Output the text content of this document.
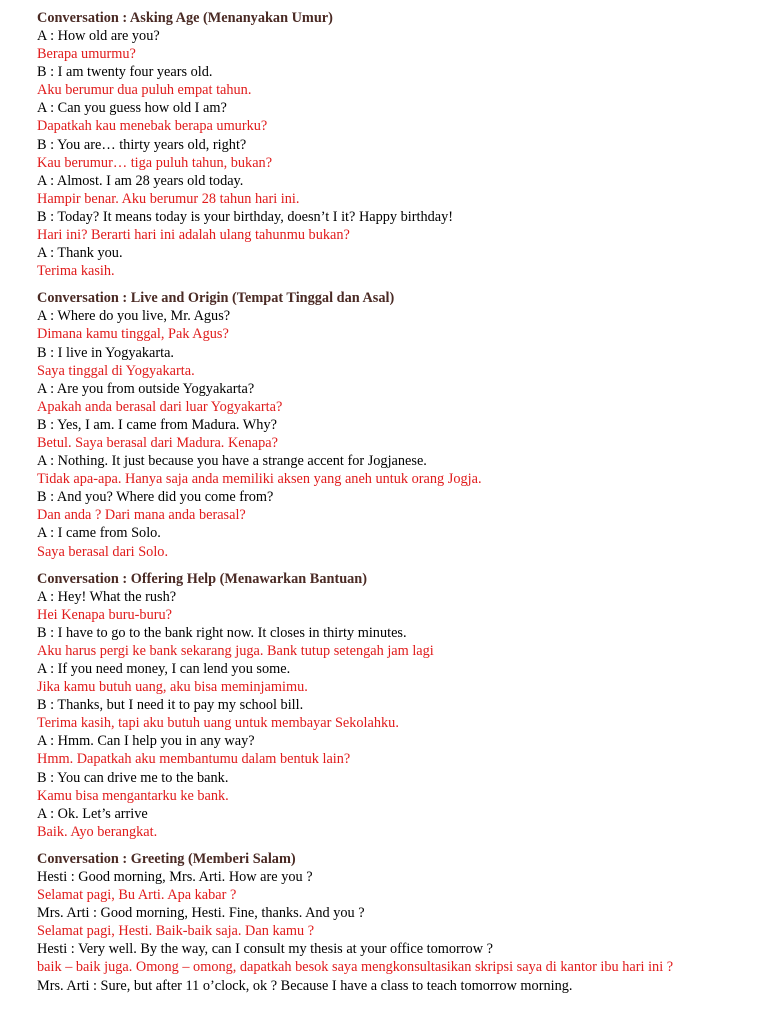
Conversation : Asking Age (Menanyakan Umur)
A : How old are you?
Berapa umurmu?
B : I am twenty four years old.
Aku berumur dua puluh empat tahun.
A : Can you guess how old I am?
Dapatkah kau menebak berapa umurku?
B : You are… thirty years old, right?
Kau berumur… tiga puluh tahun, bukan?
A : Almost. I am 28 years old today.
Hampir benar. Aku berumur 28 tahun hari ini.
B : Today? It means today is your birthday, doesn’t I it? Happy birthday!
Hari ini? Berarti hari ini adalah ulang tahunmu bukan?
A : Thank you.
Terima kasih.
Conversation : Live and Origin (Tempat Tinggal dan Asal)
A : Where do you live, Mr. Agus?
Dimana kamu tinggal, Pak Agus?
B : I live in Yogyakarta.
Saya tinggal di Yogyakarta.
A : Are you from outside Yogyakarta?
Apakah anda berasal dari luar Yogyakarta?
B : Yes, I am. I came from Madura. Why?
Betul. Saya berasal dari Madura. Kenapa?
A : Nothing. It just because you have a strange accent for Jogjanese.
Tidak apa-apa. Hanya saja anda memiliki aksen yang aneh untuk orang Jogja.
B : And you? Where did you come from?
Dan anda ? Dari mana anda berasal?
A : I came from Solo.
Saya berasal dari Solo.
Conversation : Offering Help (Menawarkan Bantuan)
A : Hey! What the rush?
Hei Kenapa buru-buru?
B : I have to go to the bank right now. It closes in thirty minutes.
Aku harus pergi ke bank sekarang juga. Bank tutup setengah jam lagi
A : If you need money, I can lend you some.
Jika kamu butuh uang, aku bisa meminjamimu.
B : Thanks, but I need it to pay my school bill.
Terima kasih, tapi aku butuh uang untuk membayar Sekolahku.
A : Hmm. Can I help you in any way?
Hmm. Dapatkah aku membantumu dalam bentuk lain?
B : You can drive me to the bank.
Kamu bisa mengantarku ke bank.
A : Ok. Let’s arrive
Baik. Ayo berangkat.
Conversation : Greeting (Memberi Salam)
Hesti : Good morning, Mrs. Arti. How are you ?
Selamat pagi, Bu Arti. Apa kabar ?
Mrs. Arti : Good morning, Hesti. Fine, thanks. And you ?
Selamat pagi, Hesti. Baik-baik saja. Dan kamu ?
Hesti : Very well. By the way, can I consult my thesis at your office tomorrow ?
baik – baik juga. Omong – omong, dapatkah besok saya mengkonsultasikan skripsi saya di kantor ibu hari ini ?
Mrs. Arti : Sure, but after 11 o’clock, ok ? Because I have a class to teach tomorrow morning.
